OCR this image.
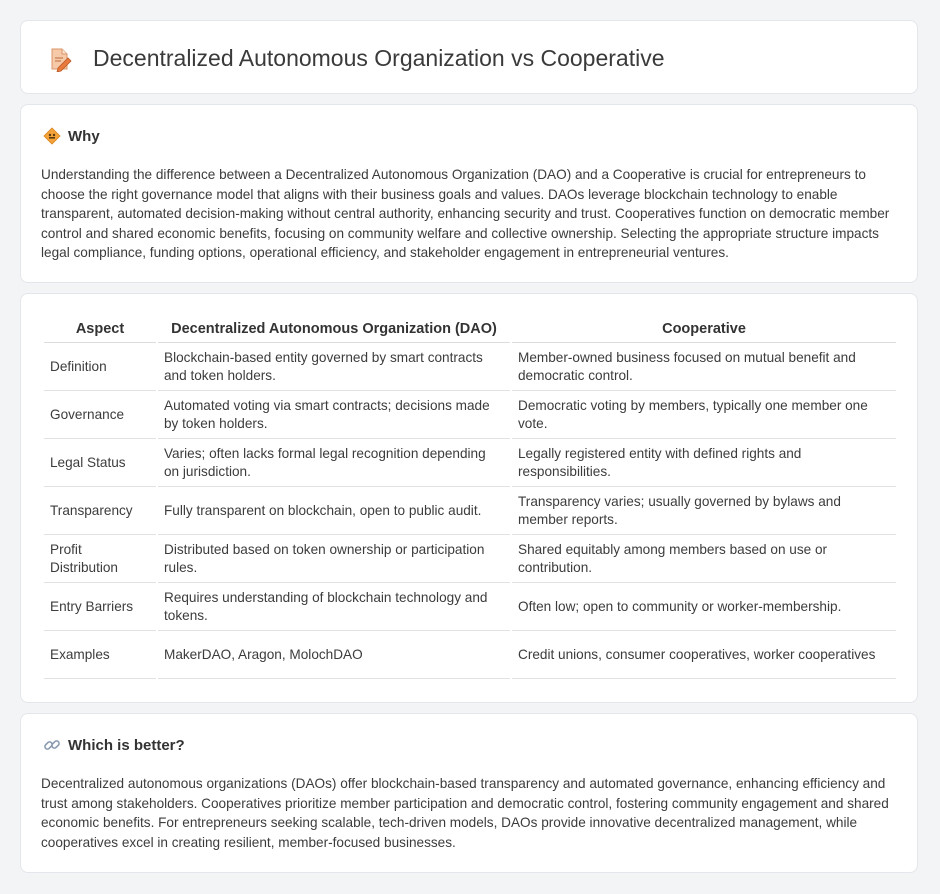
Decentralized Autonomous Organization vs Cooperative
Why

Understanding the difference between a Decentralized Autonomous Organization (DAO) and a Cooperative is crucial for entrepreneurs to choose the right governance model that aligns with their business goals and values. DAOs leverage blockchain technology to enable transparent, automated decision-making without central authority, enhancing security and trust. Cooperatives function on democratic member control and shared economic benefits, focusing on community welfare and collective ownership. Selecting the appropriate structure impacts legal compliance, funding options, operational efficiency, and stakeholder engagement in entrepreneurial ventures.

Aspect	Decentralized Autonomous Organization (DAO)	Cooperative
Definition	Blockchain-based entity governed by smart contracts and token holders.	Member-owned business focused on mutual benefit and democratic control.
Governance	Automated voting via smart contracts; decisions made by token holders.	Democratic voting by members, typically one member one vote.
Legal Status	Varies; often lacks formal legal recognition depending on jurisdiction.	Legally registered entity with defined rights and responsibilities.
Transparency	Fully transparent on blockchain, open to public audit.	Transparency varies; usually governed by bylaws and member reports.
Profit Distribution	Distributed based on token ownership or participation rules.	Shared equitably among members based on use or contribution.
Entry Barriers	Requires understanding of blockchain technology and tokens.	Often low; open to community or worker-membership.
Examples	MakerDAO, Aragon, MolochDAO	Credit unions, consumer cooperatives, worker cooperatives
Which is better?

Decentralized autonomous organizations (DAOs) offer blockchain-based transparency and automated governance, enhancing efficiency and trust among stakeholders. Cooperatives prioritize member participation and democratic control, fostering community engagement and shared economic benefits. For entrepreneurs seeking scalable, tech-driven models, DAOs provide innovative decentralized management, while cooperatives excel in creating resilient, member-focused businesses.
